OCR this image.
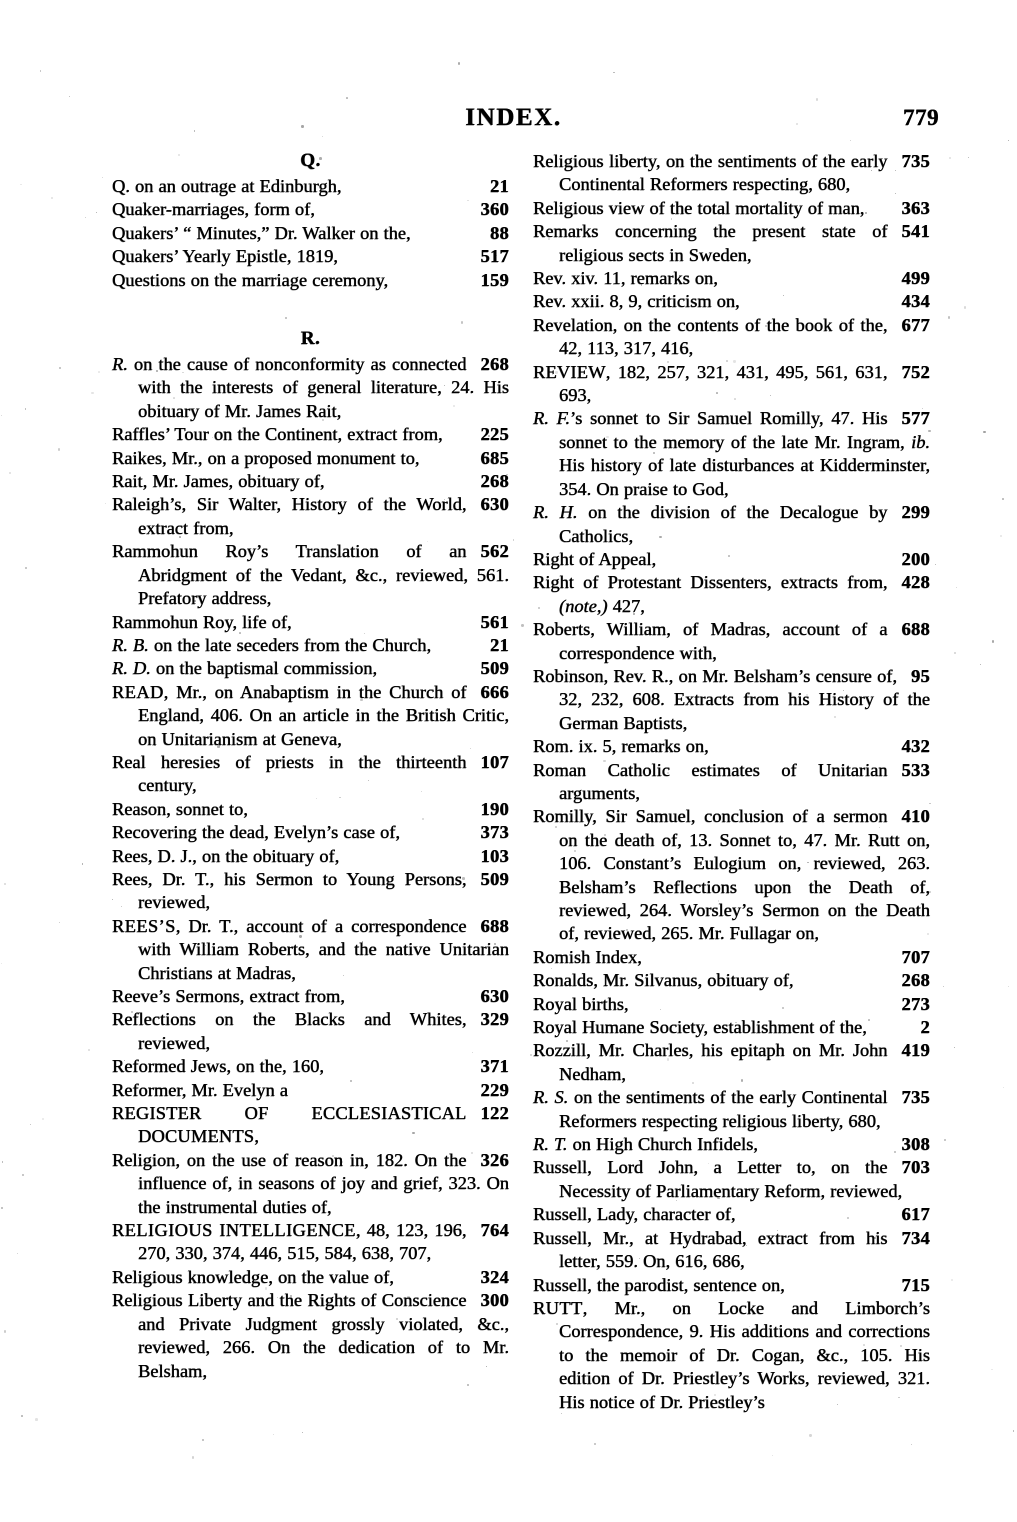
INDEX.	779
Q.
21
Q. on an outrage at Edinburgh,
360
Quaker-marriages, form of,
88
Quakers’ “ Minutes,” Dr. Walker on the,
517
Quakers’ Yearly Epistle, 1819,
159
Questions on the marriage ceremony,
R.
268
R. on the cause of nonconformity as connected with the interests of general literature, 24. His obituary of Mr. James Rait,
225
Raffles’ Tour on the Continent, extract from,
685
Raikes, Mr., on a proposed monument to,
268
Rait, Mr. James, obituary of,
630
Raleigh’s, Sir Walter, History of the World, extract from,
562
Rammohun Roy’s Translation of an Abridgment of the Vedant, &c., reviewed, 561. Prefatory address,
561
Rammohun Roy, life of,
21
R. B. on the late seceders from the Church,
509
R. D. on the baptismal commission,
666
READ, Mr., on Anabaptism in the Church of England, 406. On an article in the British Critic, on Unitarianism at Geneva,
107
Real heresies of priests in the thirteenth century,
190
Reason, sonnet to,
373
Recovering the dead, Evelyn’s case of,
103
Rees, D. J., on the obituary of,
509
Rees, Dr. T., his Sermon to Young Persons, reviewed,
688
REES’S, Dr. T., account of a correspondence with William Roberts, and the native Unitarian Christians at Madras,
630
Reeve’s Sermons, extract from,
329
Reflections on the Blacks and Whites, reviewed,
371
Reformed Jews, on the, 160,
229
Reformer, Mr. Evelyn a
122
REGISTER OF ECCLESIASTICAL DOCUMENTS,
326
Religion, on the use of reason in, 182. On the influence of, in seasons of joy and grief, 323. On the instrumental duties of,
764
RELIGIOUS INTELLIGENCE, 48, 123, 196, 270, 330, 374, 446, 515, 584, 638, 707,
324
Religious knowledge, on the value of,
300
Religious Liberty and the Rights of Conscience and Private Judgment grossly violated, &c., reviewed, 266. On the dedication of to Mr. Belsham,
735
Religious liberty, on the sentiments of the early Continental Reformers respecting, 680,
363
Religious view of the total mortality of man,
541
Remarks concerning the present state of religious sects in Sweden,
499
Rev. xiv. 11, remarks on,
434
Rev. xxii. 8, 9, criticism on,
677
Revelation, on the contents of the book of the, 42, 113, 317, 416,
752
REVIEW, 182, 257, 321, 431, 495, 561, 631, 693,
577
R. F.’s sonnet to Sir Samuel Romilly, 47. His sonnet to the memory of the late Mr. Ingram, ib. His history of late disturbances at Kidderminster, 354. On praise to God,
299
R. H. on the division of the Decalogue by Catholics,
200
Right of Appeal,
428
Right of Protestant Dissenters, extracts from, (note,) 427,
688
Roberts, William, of Madras, account of a correspondence with,
95
Robinson, Rev. R., on Mr. Belsham’s censure of, 32, 232, 608. Extracts from his History of the German Baptists,
432
Rom. ix. 5, remarks on,
533
Roman Catholic estimates of Unitarian arguments,
410
Romilly, Sir Samuel, conclusion of a sermon on the death of, 13. Sonnet to, 47. Mr. Rutt on, 106. Constant’s Eulogium on, reviewed, 263. Belsham’s Reflections upon the Death of, reviewed, 264. Worsley’s Sermon on the Death of, reviewed, 265. Mr. Fullagar on,
707
Romish Index,
268
Ronalds, Mr. Silvanus, obituary of,
273
Royal births,
2
Royal Humane Society, establishment of the,
419
Rozzill, Mr. Charles, his epitaph on Mr. John Nedham,
735
R. S. on the sentiments of the early Continental Reformers respecting religious liberty, 680,
308
R. T. on High Church Infidels,
703
Russell, Lord John, a Letter to, on the Necessity of Parliamentary Reform, reviewed,
617
Russell, Lady, character of,
734
Russell, Mr., at Hydrabad, extract from his letter, 559. On, 616, 686,
715
Russell, the parodist, sentence on,
RUTT, Mr., on Locke and Limborch’s Correspondence, 9. His additions and corrections to the memoir of Dr. Cogan, &c., 105. His edition of Dr. Priestley’s Works, reviewed, 321. His notice of Dr. Priestley’s
